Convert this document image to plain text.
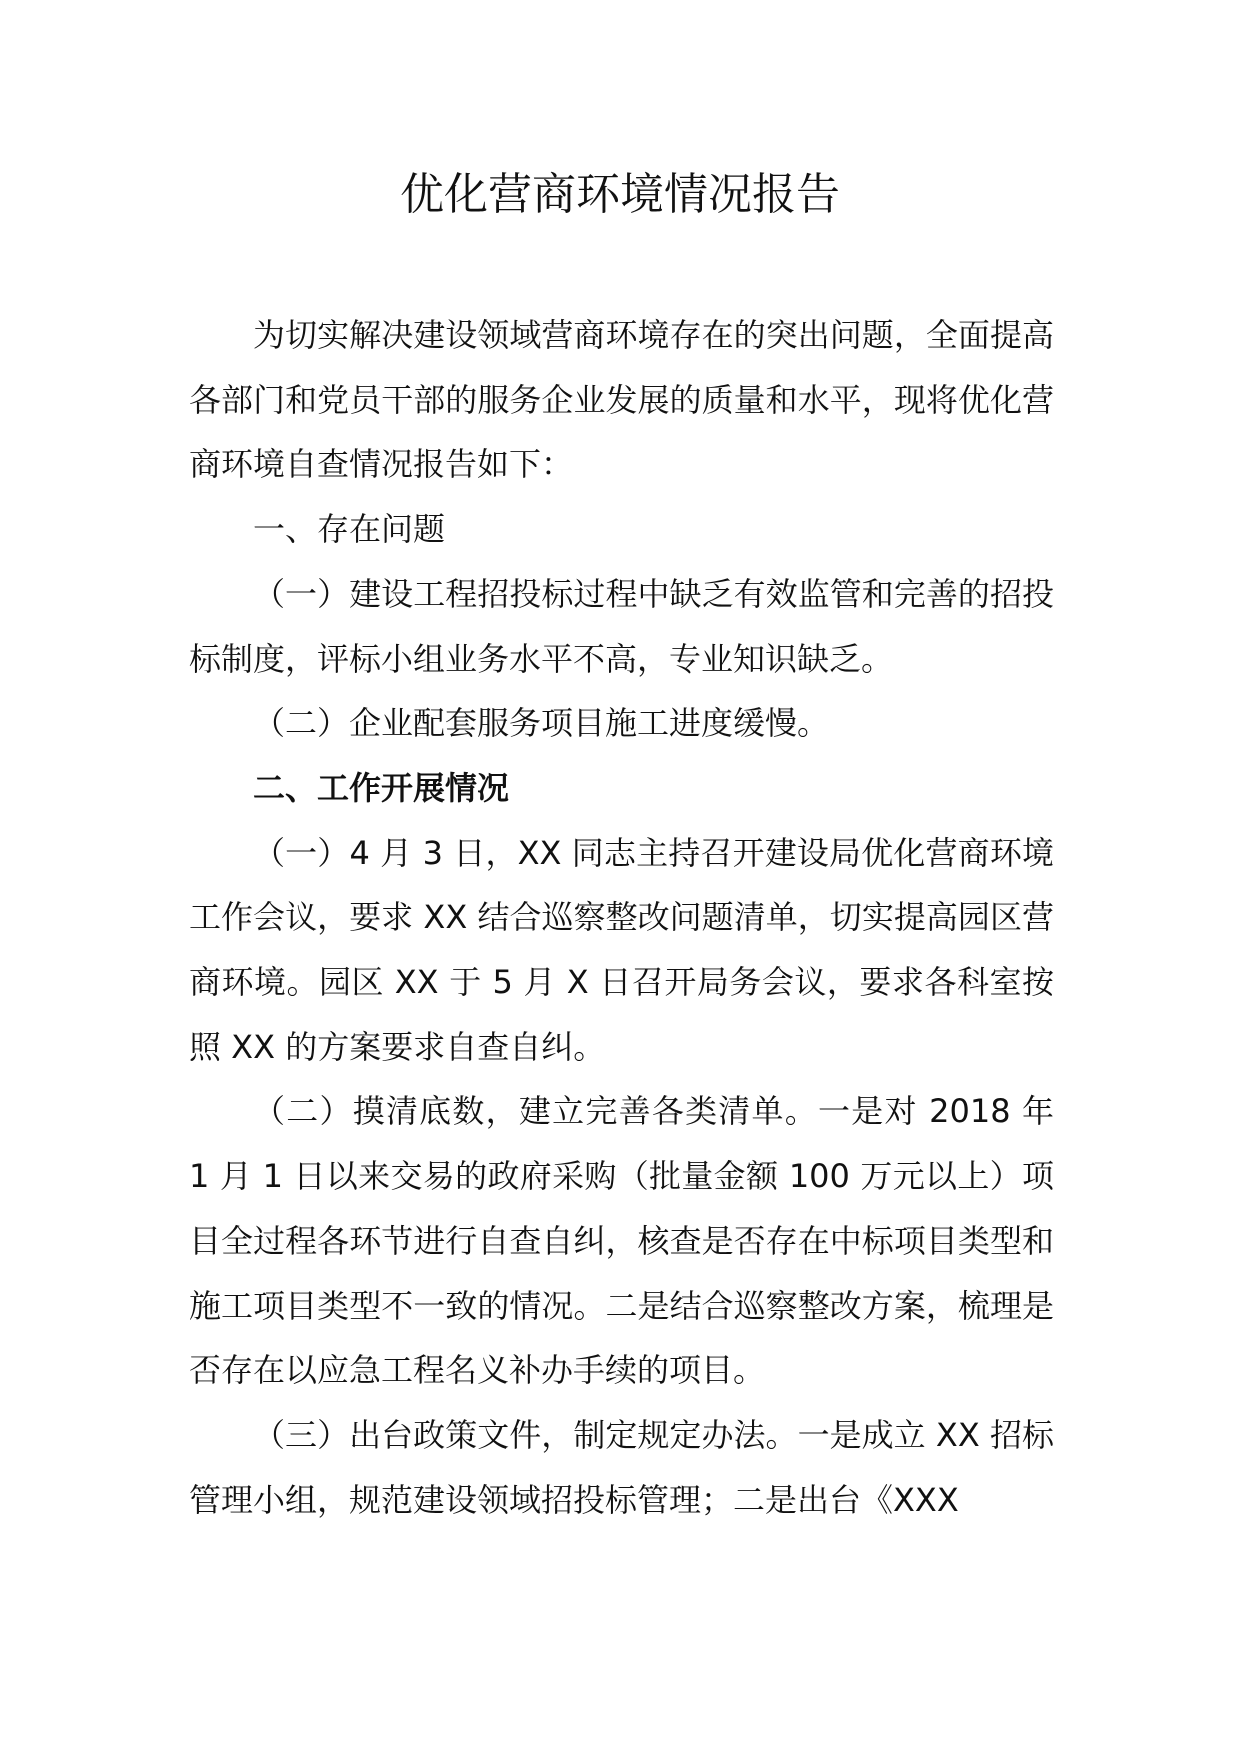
优化营商环境情况报告

为切实解决建设领域营商环境存在的突出问题，全面提高各部门和党员干部的服务企业发展的质量和水平，现将优化营商环境自查情况报告如下：

一、存在问题

（一）建设工程招投标过程中缺乏有效监管和完善的招投标制度，评标小组业务水平不高，专业知识缺乏。

（二）企业配套服务项目施工进度缓慢。

二、工作开展情况

（一）4 月 3 日，XX 同志主持召开建设局优化营商环境工作会议，要求 XX 结合巡察整改问题清单，切实提高园区营商环境。园区 XX 于 5 月 X 日召开局务会议，要求各科室按照 XX 的方案要求自查自纠。

（二）摸清底数，建立完善各类清单。一是对 2018 年 1 月 1 日以来交易的政府采购（批量金额 100 万元以上）项目全过程各环节进行自查自纠，核查是否存在中标项目类型和施工项目类型不一致的情况。二是结合巡察整改方案，梳理是否存在以应急工程名义补办手续的项目。

（三）出台政策文件，制定规定办法。一是成立 XX 招标管理小组，规范建设领域招投标管理；二是出台《XXX
